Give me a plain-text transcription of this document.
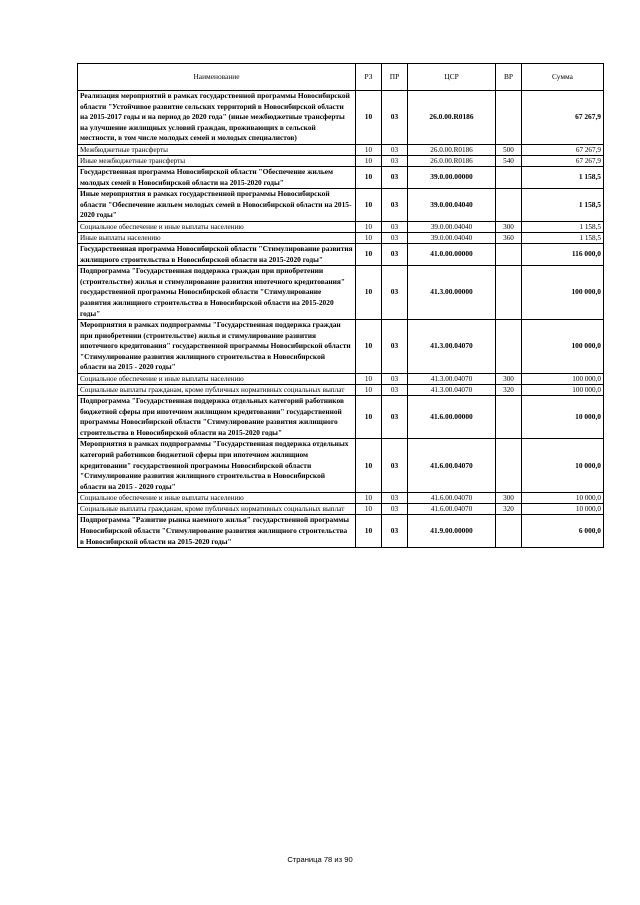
Наименование	РЗ	ПР	ЦСР	ВР	Сумма
Реализация мероприятий в рамках государственной программы Новосибирской области "Устойчивое развитие сельских территорий в Новосибирской области на 2015-2017 годы и на период до 2020 года" (иные межбюджетные трансферты на улучшение жилищных условий граждан, проживающих в сельской местности, в том числе молодых семей и молодых специалистов)	10	03	26.0.00.R0186		67 267,9
Межбюджетные трансферты	10	03	26.0.00.R0186	500	67 267,9
Иные межбюджетные трансферты	10	03	26.0.00.R0186	540	67 267,9
Государственная программа Новосибирской области "Обеспечение жильем молодых семей в Новосибирской области на 2015-2020 годы"	10	03	39.0.00.00000		1 158,5
Иные мероприятия в рамках государственной программы Новосибирской области "Обеспечение жильем молодых семей в Новосибирской области на 2015-2020 годы"	10	03	39.0.00.04040		1 158,5
Социальное обеспечение и иные выплаты населению	10	03	39.0.00.04040	300	1 158,5
Иные выплаты населению	10	03	39.0.00.04040	360	1 158,5
Государственная программа Новосибирской области "Стимулирование развития жилищного строительства в Новосибирской области на 2015-2020 годы"	10	03	41.0.00.00000		116 000,0
Подпрограмма "Государственная поддержка граждан при приобретении (строительстве) жилья и стимулирование развития ипотечного кредитования" государственной программы Новосибирской области "Стимулирование развития жилищного строительства в Новосибирской области на 2015-2020 годы"	10	03	41.3.00.00000		100 000,0
Мероприятия в рамках подпрограммы "Государственная поддержка граждан при приобретении (строительстве) жилья и стимулирование развития ипотечного кредитования" государственной программы Новосибирской области "Стимулирование развития жилищного строительства в Новосибирской области на 2015 - 2020 годы"	10	03	41.3.00.04070		100 000,0
Социальное обеспечение и иные выплаты населению	10	03	41.3.00.04070	300	100 000,0
Социальные выплаты гражданам, кроме публичных нормативных социальных выплат	10	03	41.3.00.04070	320	100 000,0
Подпрограмма "Государственная поддержка отдельных категорий работников бюджетной сферы при ипотечном жилищном кредитовании" государственной программы Новосибирской области "Стимулирование развития жилищного строительства в Новосибирской области на 2015-2020 годы"	10	03	41.6.00.00000		10 000,0
Мероприятия в рамках подпрограммы "Государственная поддержка отдельных категорий работников бюджетной сферы при ипотечном жилищном кредитовании" государственной программы Новосибирской области "Стимулирование развития жилищного строительства в Новосибирской области на 2015 - 2020 годы"	10	03	41.6.00.04070		10 000,0
Социальное обеспечение и иные выплаты населению	10	03	41.6.00.04070	300	10 000,0
Социальные выплаты гражданам, кроме публичных нормативных социальных выплат	10	03	41.6.00.04070	320	10 000,0
Подпрограмма "Развитие рынка наемного жилья" государственной программы Новосибирской области "Стимулирование развития жилищного строительства в Новосибирской области на 2015-2020 годы"	10	03	41.9.00.00000		6 000,0
Страница 78 из 90
